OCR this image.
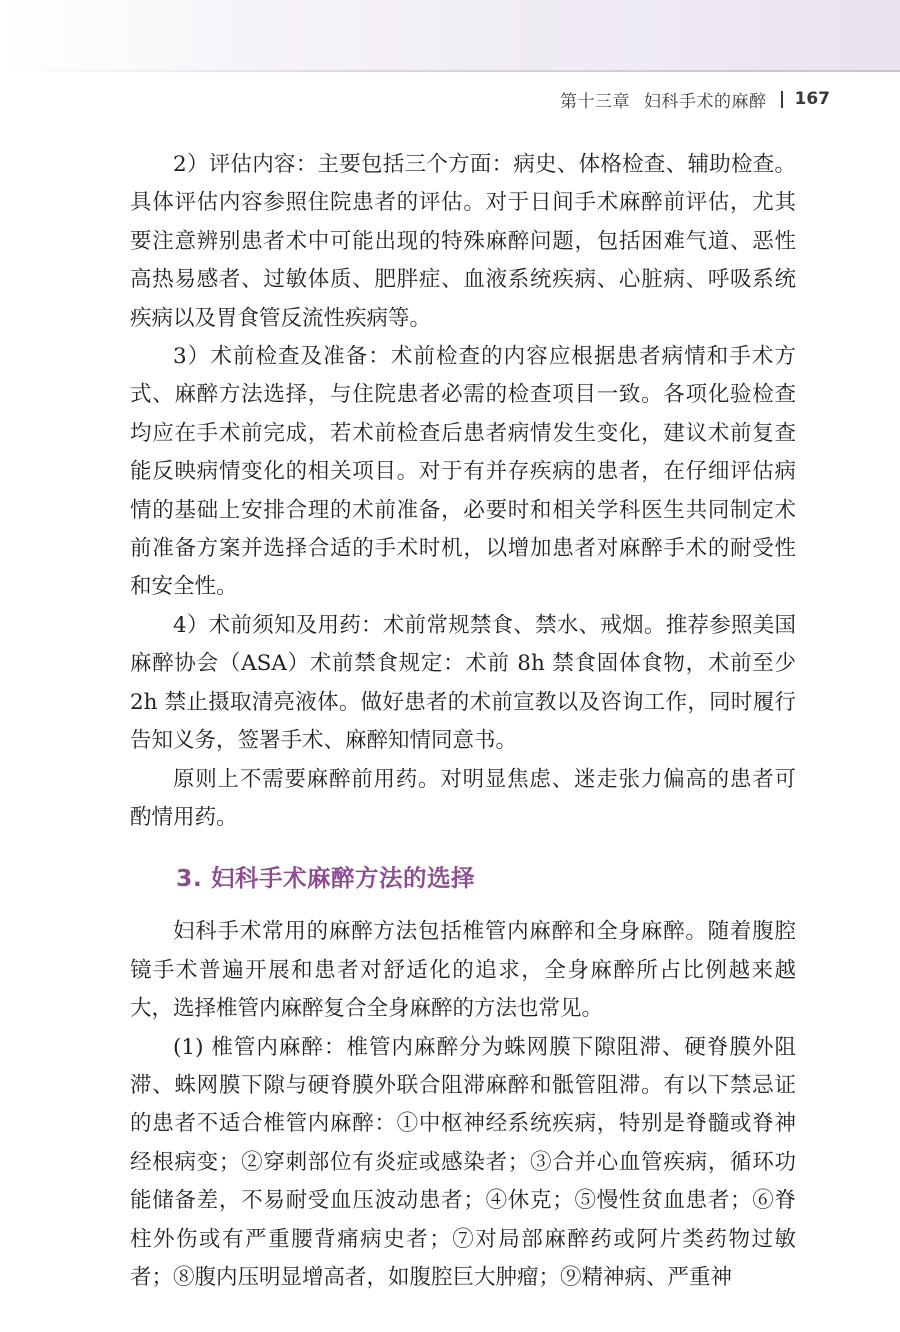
第十三章 妇科手术的麻醉 167

2）评估内容：主要包括三个方面：病史、体格检查、辅助检查。具体评估内容参照住院患者的评估。对于日间手术麻醉前评估，尤其要注意辨别患者术中可能出现的特殊麻醉问题，包括困难气道、恶性高热易感者、过敏体质、肥胖症、血液系统疾病、心脏病、呼吸系统疾病以及胃食管反流性疾病等。

3）术前检查及准备：术前检查的内容应根据患者病情和手术方式、麻醉方法选择，与住院患者必需的检查项目一致。各项化验检查均应在手术前完成，若术前检查后患者病情发生变化，建议术前复查能反映病情变化的相关项目。对于有并存疾病的患者，在仔细评估病情的基础上安排合理的术前准备，必要时和相关学科医生共同制定术前准备方案并选择合适的手术时机，以增加患者对麻醉手术的耐受性和安全性。

4）术前须知及用药：术前常规禁食、禁水、戒烟。推荐参照美国麻醉协会（ASA）术前禁食规定：术前 8h 禁食固体食物，术前至少 2h 禁止摄取清亮液体。做好患者的术前宣教以及咨询工作，同时履行告知义务，签署手术、麻醉知情同意书。

原则上不需要麻醉前用药。对明显焦虑、迷走张力偏高的患者可酌情用药。

3. 妇科手术麻醉方法的选择

妇科手术常用的麻醉方法包括椎管内麻醉和全身麻醉。随着腹腔镜手术普遍开展和患者对舒适化的追求，全身麻醉所占比例越来越大，选择椎管内麻醉复合全身麻醉的方法也常见。

(1) 椎管内麻醉：椎管内麻醉分为蛛网膜下隙阻滞、硬脊膜外阻滞、蛛网膜下隙与硬脊膜外联合阻滞麻醉和骶管阻滞。有以下禁忌证的患者不适合椎管内麻醉：①中枢神经系统疾病，特别是脊髓或脊神经根病变；②穿刺部位有炎症或感染者；③合并心血管疾病，循环功能储备差，不易耐受血压波动患者；④休克；⑤慢性贫血患者；⑥脊柱外伤或有严重腰背痛病史者；⑦对局部麻醉药或阿片类药物过敏者；⑧腹内压明显增高者，如腹腔巨大肿瘤；⑨精神病、严重神
